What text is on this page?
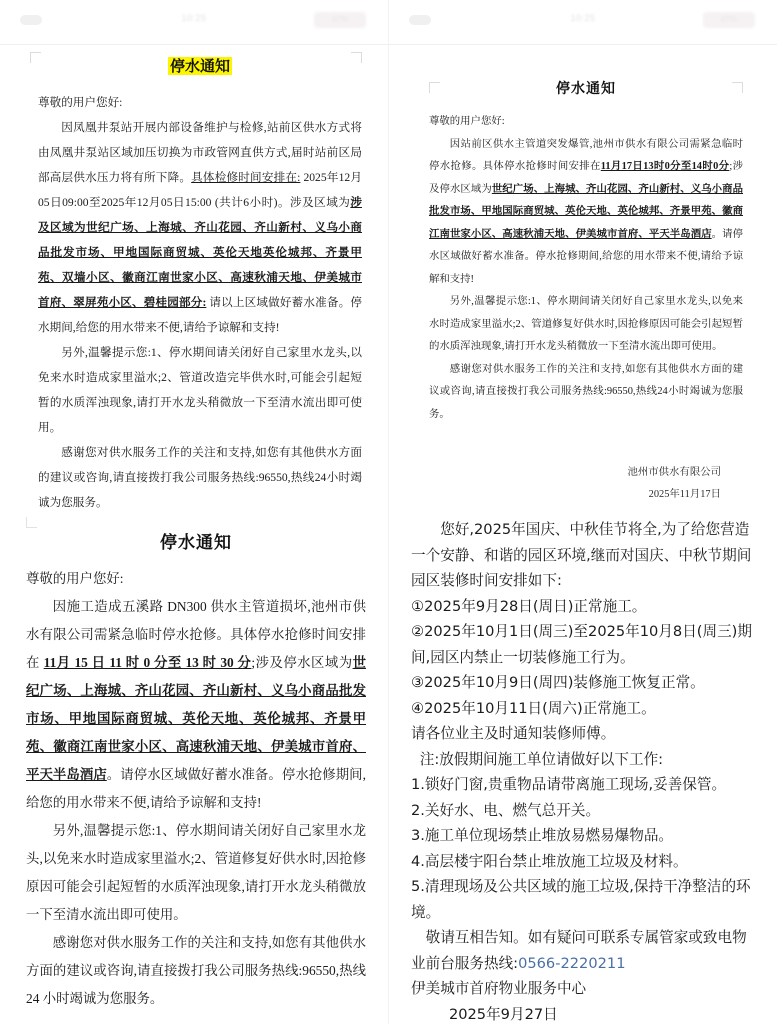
10:25	47%
停水通知

尊敬的用户您好:

因凤凰井泵站开展内部设备维护与检修,站前区供水方式将由凤凰井泵站区域加压切换为市政管网直供方式,届时站前区局部高层供水压力将有所下降。具体检修时间安排在: 2025年12月05日09:00至2025年12月05日15:00 (共计6小时)。涉及区域为涉及区域为世纪广场、上海城、齐山花园、齐山新村、义乌小商品批发市场、甲地国际商贸城、英伦天地英伦城邦、齐景甲苑、双墙小区、徽商江南世家小区、高速秋浦天地、伊美城市首府、翠屏苑小区、碧桂园部分: 请以上区域做好蓄水准备。停水期间,给您的用水带来不便,请给予谅解和支持!

另外,温馨提示您:1、停水期间请关闭好自己家里水龙头,以免来水时造成家里溢水;2、管道改造完毕供水时,可能会引起短暂的水质浑浊现象,请打开水龙头稍微放一下至清水流出即可使用。

感谢您对供水服务工作的关注和支持,如您有其他供水方面的建议或咨询,请直接拨打我公司服务热线:96550,热线24小时竭诚为您服务。

停水通知

尊敬的用户您好:

因施工造成五溪路 DN300 供水主管道损坏,池州市供水有限公司需紧急临时停水抢修。具体停水抢修时间安排在 11月 15 日 11 时 0 分至 13 时 30 分;涉及停水区域为世纪广场、上海城、齐山花园、齐山新村、义乌小商品批发市场、甲地国际商贸城、英伦天地、英伦城邦、齐景甲苑、徽商江南世家小区、高速秋浦天地、伊美城市首府、平天半岛酒店。请停水区域做好蓄水准备。停水抢修期间,给您的用水带来不便,请给予谅解和支持!

另外,温馨提示您:1、停水期间请关闭好自己家里水龙头,以免来水时造成家里溢水;2、管道修复好供水时,因抢修原因可能会引起短暂的水质浑浊现象,请打开水龙头稍微放一下至清水流出即可使用。

感谢您对供水服务工作的关注和支持,如您有其他供水方面的建议或咨询,请直接拨打我公司服务热线:96550,热线 24 小时竭诚为您服务。

10:25	47%
停水通知

尊敬的用户您好:

因站前区供水主管道突发爆管,池州市供水有限公司需紧急临时停水抢修。具体停水抢修时间安排在11月17日13时0分至14时0分;涉及停水区域为世纪广场、上海城、齐山花园、齐山新村、义乌小商品批发市场、甲地国际商贸城、英伦天地、英伦城邦、齐景甲苑、徽商江南世家小区、高速秋浦天地、伊美城市首府、平天半岛酒店。请停水区域做好蓄水准备。停水抢修期间,给您的用水带来不便,请给予谅解和支持!

另外,温馨提示您:1、停水期间请关闭好自己家里水龙头,以免来水时造成家里溢水;2、管道修复好供水时,因抢修原因可能会引起短暂的水质浑浊现象,请打开水龙头稍微放一下至清水流出即可使用。

感谢您对供水服务工作的关注和支持,如您有其他供水方面的建议或咨询,请直接拨打我公司服务热线:96550,热线24小时竭诚为您服务。

池州市供水有限公司
2025年11月17日

您好,2025年国庆、中秋佳节将全,为了给您营造一个安静、和谐的园区环境,继而对国庆、中秋节期间园区装修时间安排如下:

①2025年9月28日(周日)正常施工。

②2025年10月1日(周三)至2025年10月8日(周三)期间,园区内禁止一切装修施工行为。

③2025年10月9日(周四)装修施工恢复正常。

④2025年10月11日(周六)正常施工。

请各位业主及时通知装修师傅。

注:放假期间施工单位请做好以下工作:

1.锁好门窗,贵重物品请带离施工现场,妥善保管。

2.关好水、电、燃气总开关。

3.施工单位现场禁止堆放易燃易爆物品。

4.高层楼宇阳台禁止堆放施工垃圾及材料。

5.清理现场及公共区域的施工垃圾,保持干净整洁的环境。

敬请互相告知。如有疑问可联系专属管家或致电物业前台服务热线:0566-2220211

伊美城市首府物业服务中心

2025年9月27日
